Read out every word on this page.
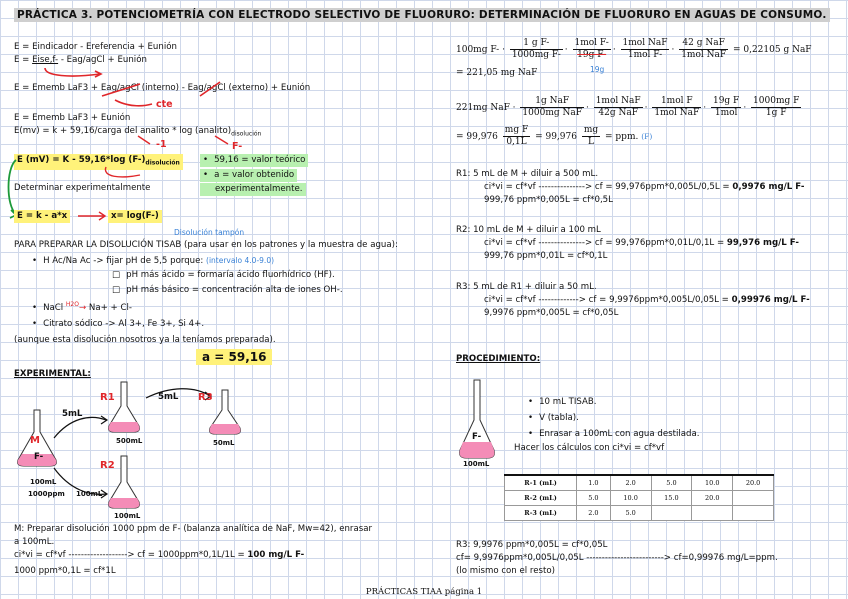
PRÁCTICA 3. POTENCIOMETRÍA CON ELECTRODO SELECTIVO DE FLUORURO: DETERMINACIÓN DE FLUORURO EN AGUAS DE CONSUMO.
E = Eindicador - Ereferencia + Eunión
E = Eise,f- - Eag/agCl + Eunión
E = Ememb LaF3 + Eag/agCl (interno) - Eag/agCl (externo) + Eunión
cte
E = Ememb LaF3 + Eunión
E(mv) = k + 59,16/carga del analito * $\log (analito)_{disolución}$
-1	F-
E (mV) = K - 59,16*log $(F-)_{disolución}$
Determinar experimentalmente
• 59,16 = valor teórico
• a = valor obtenido
experimentalmente.
E = k - a*x	x= log(F-)
Disolución tampón
PARA PREPARAR LA DISOLUCIÓN TISAB (para usar en los patrones y la muestra de agua):
• H Ac/Na Ac -> fijar pH de 5,5 porque: (intervalo 4.0-9.0)
□ pH más ácido = formaría ácido fluorhídrico (HF).
□ pH más básico = concentración alta de iones OH-.
• NaCl $^{H2O}$→ Na+ + Cl-
• Citrato sódico -> Al 3+, Fe 3+, Si 4+.
(aunque esta disolución nosotros ya la teníamos preparada).
a = 59,16
EXPERIMENTAL:
5mL
5mL
R1	R3
R2
M
F-
500mL	50mL
100mL
100mL
1000ppm
100mL
M: Preparar disolución 1000 ppm de F- (balanza analítica de NaF, Mw=42), enrasar
a 100mL.
ci*vi = cf*vf -------------------> cf = 1000ppm*0,1L/1L = 100 mg/L F-
1000 ppm*0,1L = cf*1L
100mg $F- \cdot \frac{\text{1 g F-}}{\text{1000mg F-}} \cdot \frac{\text{1mol F-}}{\text{19g F-}} \cdot \frac{\text{1mol NaF}}{\text{1mol F-}} \cdot \frac{\text{42 g NaF}}{\text{1mol NaF}} = 0,22105$ g NaF
19g
= 221,05 mg NaF
221mg NaF · $\frac{\text{1g NaF}}{\text{1000mg NaF}} \cdot \frac{\text{1mol NaF}}{\text{42g NaF}} \cdot \frac{\text{1mol F}}{\text{1mol NaF}} \cdot \frac{\text{19g F}}{\text{1mol}} \cdot \frac{\text{1000mg F}}{\text{1g F}}$
= $99,976 \frac{\text{mg F}}{0,1L} = 99,976 \frac{mg}{L}$ = ppm. (F)
R1: 5 mL de M + diluir a 500 mL.
ci*vi = cf*vf ---------------> cf = 99,976ppm*0,005L/0,5L = 0,9976 mg/L F-
999,76 ppm*0,005L = cf*0,5L
R2: 10 mL de M + diluir a 100 mL
ci*vi = cf*vf ---------------> cf = 99,976ppm*0,01L/0,1L = 99,976 mg/L F-
999,76 ppm*0,01L = cf*0,1L
R3: 5 mL de R1 + diluir a 50 mL.
ci*vi = cf*vf -------------> cf = 9,9976ppm*0,005L/0,05L = 0,99976 mg/L F-
9,9976 ppm*0,005L = cf*0,05L
PROCEDIMIENTO:
F-
100mL
• 10 mL TISAB.
• V (tabla).
• Enrasar a 100mL con agua destilada.
Hacer los cálculos con ci*vi = cf*vf
R-1 (mL)	1.0	2.0	5.0	10.0	20.0
R-2 (mL)	5.0	10.0	15.0	20.0	
R-3 (mL)	2.0	5.0			
R3: 9,9976 ppm*0,005L = cf*0,05L
cf= 9,9976ppm*0,005L/0,05L -------------------------> cf=0,99976 mg/L=ppm.
(lo mismo con el resto)
PRÁCTICAS TIAA página 1
